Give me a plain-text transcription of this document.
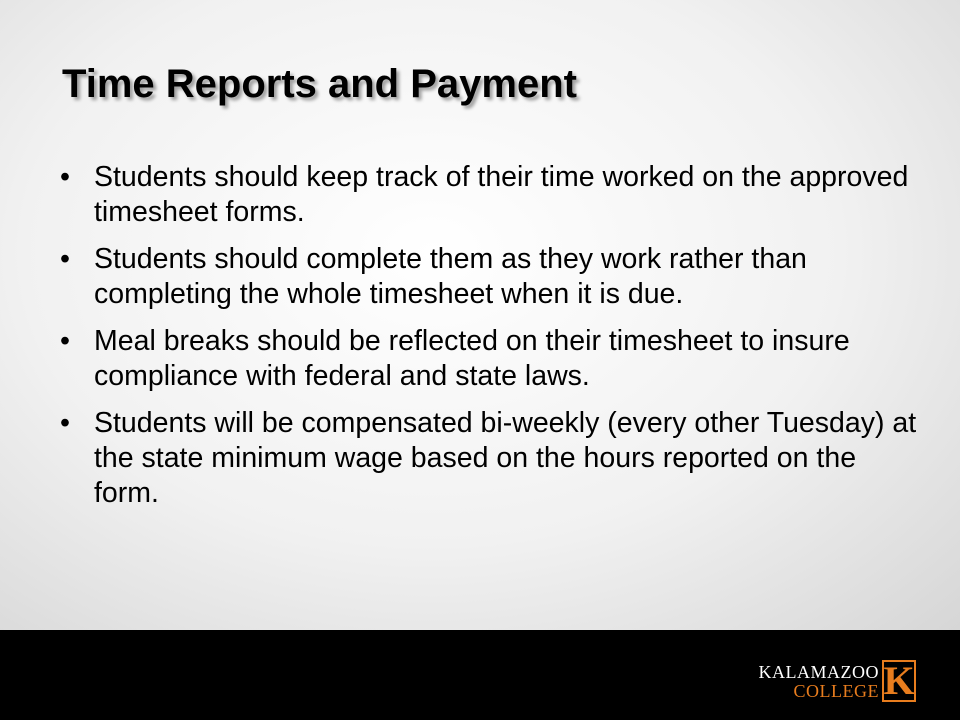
Time Reports and Payment
• Students should keep track of their time worked on the approved timesheet forms.
• Students should complete them as they work rather than completing the whole timesheet when it is due.
• Meal breaks should be reflected on their timesheet to insure compliance with federal and state laws.
• Students will be compensated bi-weekly (every other Tuesday) at the state minimum wage based on the hours reported on the form.
KALAMAZOO
COLLEGE K
